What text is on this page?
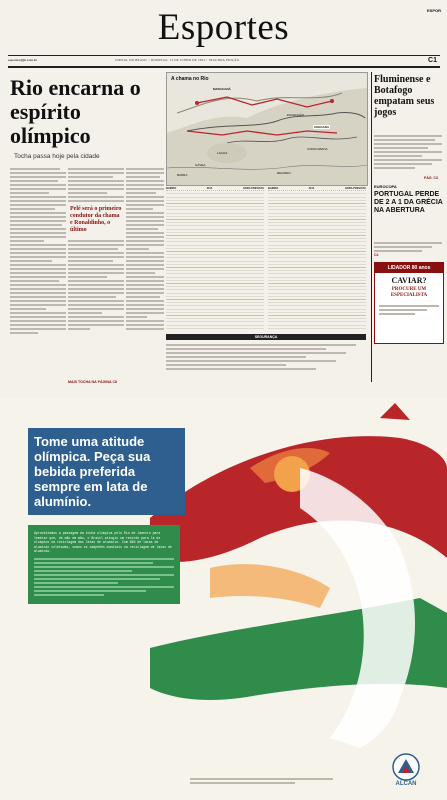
Esportes	ESPOR
esportes@jb.com.br	JORNAL DO BRASIL • DOMINGO, 13 DE JUNHO DE 2004 • SEGUNDA EDIÇÃO	C1
Rio encarna o espírito olímpico
Tocha passa hoje pela cidade
Pelé será o primeiro condutor da chama e Ronaldinho, o último
MAIS TOCHA NA PÁGINA C8
A chama no Rio
MARACANÃ
CHEGADA
LAGOA
GÁVEA
BARRA	RECREIO
ENGENHÃO
COPACABANA
BAIRRO	RUA	HORA PREVISTA BAIRRO	RUA	HORA PREVISTA
SEGURANÇA
Fluminense e Botafogo empatam seus jogos
PÁG. C3
EUROCOPA
PORTUGAL PERDE DE 2 A 1 DA GRÉCIA NA ABERTURA
C4
LIDADOR 80 anos
CAVIAR?
PROCURE UM ESPECIALISTA
Tome uma atitude olímpica. Peça sua bebida preferida sempre em lata de alumínio.
Aproveitamos a passagem da tocha olímpica pelo Rio de Janeiro para lembrar que, de mão em mão, o Brasil atingiu um recorde para lá de olímpico na reciclagem das latas de alumínio. Com 89% de latas de alumínio coletadas, somos os campeões mundiais na reciclagem de latas de alumínio.
ALCAN
